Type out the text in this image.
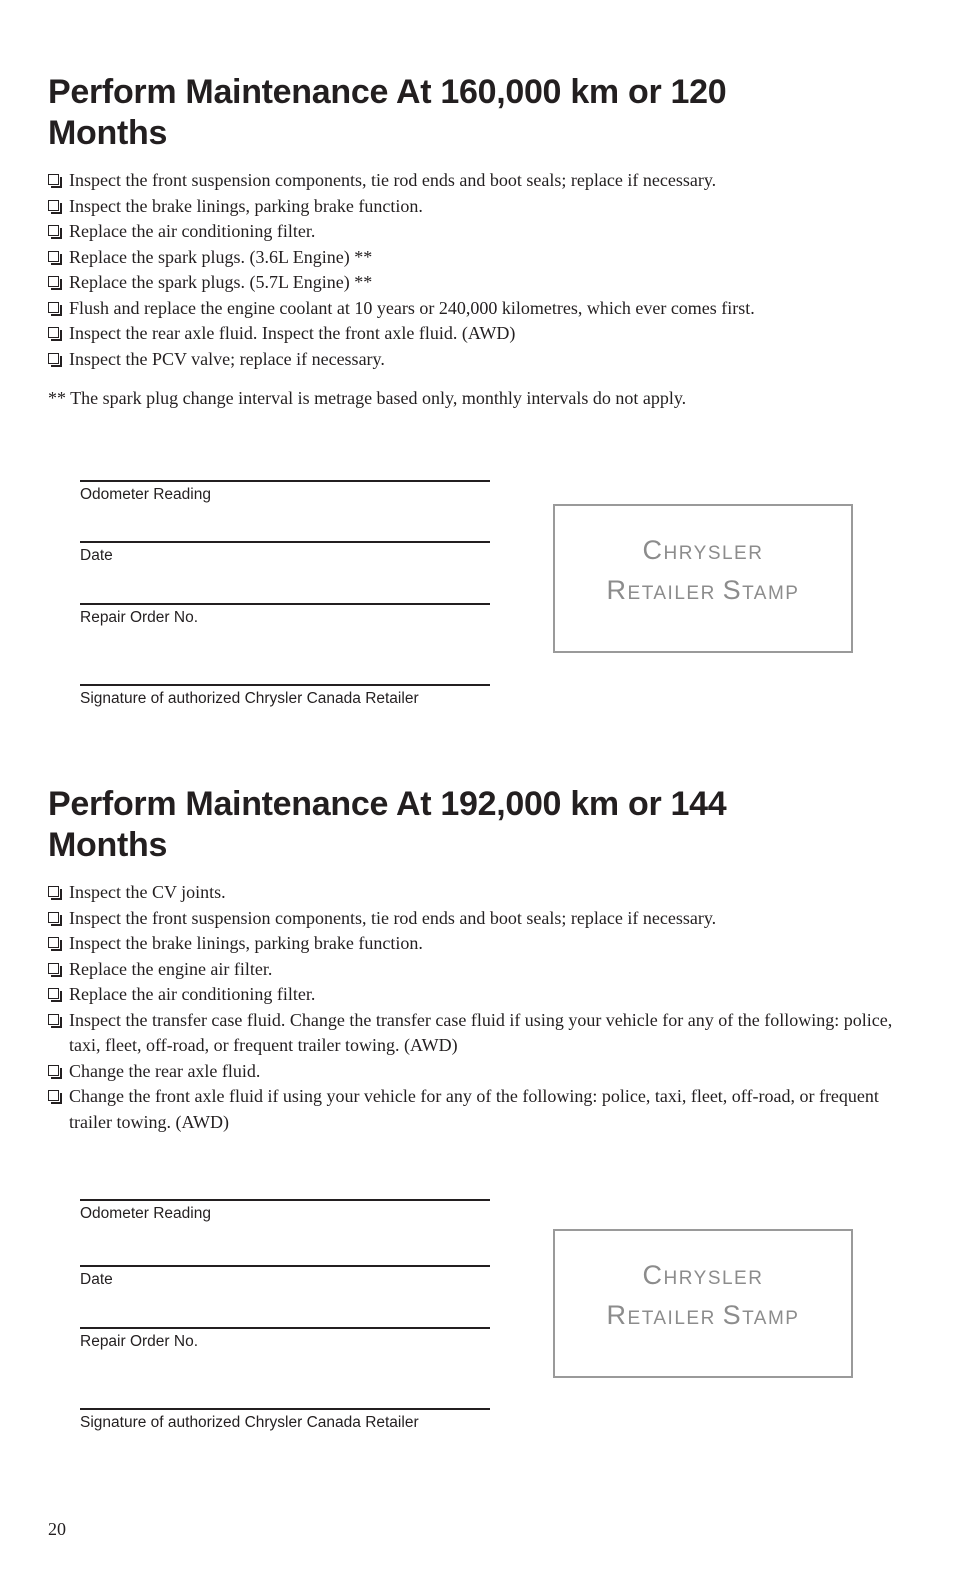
Perform Maintenance At 160,000 km or 120 Months
Inspect the front suspension components, tie rod ends and boot seals; replace if necessary.
Inspect the brake linings, parking brake function.
Replace the air conditioning filter.
Replace the spark plugs. (3.6L Engine) **
Replace the spark plugs. (5.7L Engine) **
Flush and replace the engine coolant at 10 years or 240,000 kilometres, which ever comes first.
Inspect the rear axle fluid. Inspect the front axle fluid. (AWD)
Inspect the PCV valve; replace if necessary.
** The spark plug change interval is metrage based only, monthly intervals do not apply.
Odometer Reading
Date
Repair Order No.
Signature of authorized Chrysler Canada Retailer
CHRYSLER
RETAILER STAMP
Perform Maintenance At 192,000 km or 144 Months
Inspect the CV joints.
Inspect the front suspension components, tie rod ends and boot seals; replace if necessary.
Inspect the brake linings, parking brake function.
Replace the engine air filter.
Replace the air conditioning filter.
Inspect the transfer case fluid. Change the transfer case fluid if using your vehicle for any of the following: police, taxi, fleet, off-road, or frequent trailer towing. (AWD)
Change the rear axle fluid.
Change the front axle fluid if using your vehicle for any of the following: police, taxi, fleet, off-road, or frequent trailer towing. (AWD)
Odometer Reading
Date
Repair Order No.
Signature of authorized Chrysler Canada Retailer
CHRYSLER
RETAILER STAMP
20
